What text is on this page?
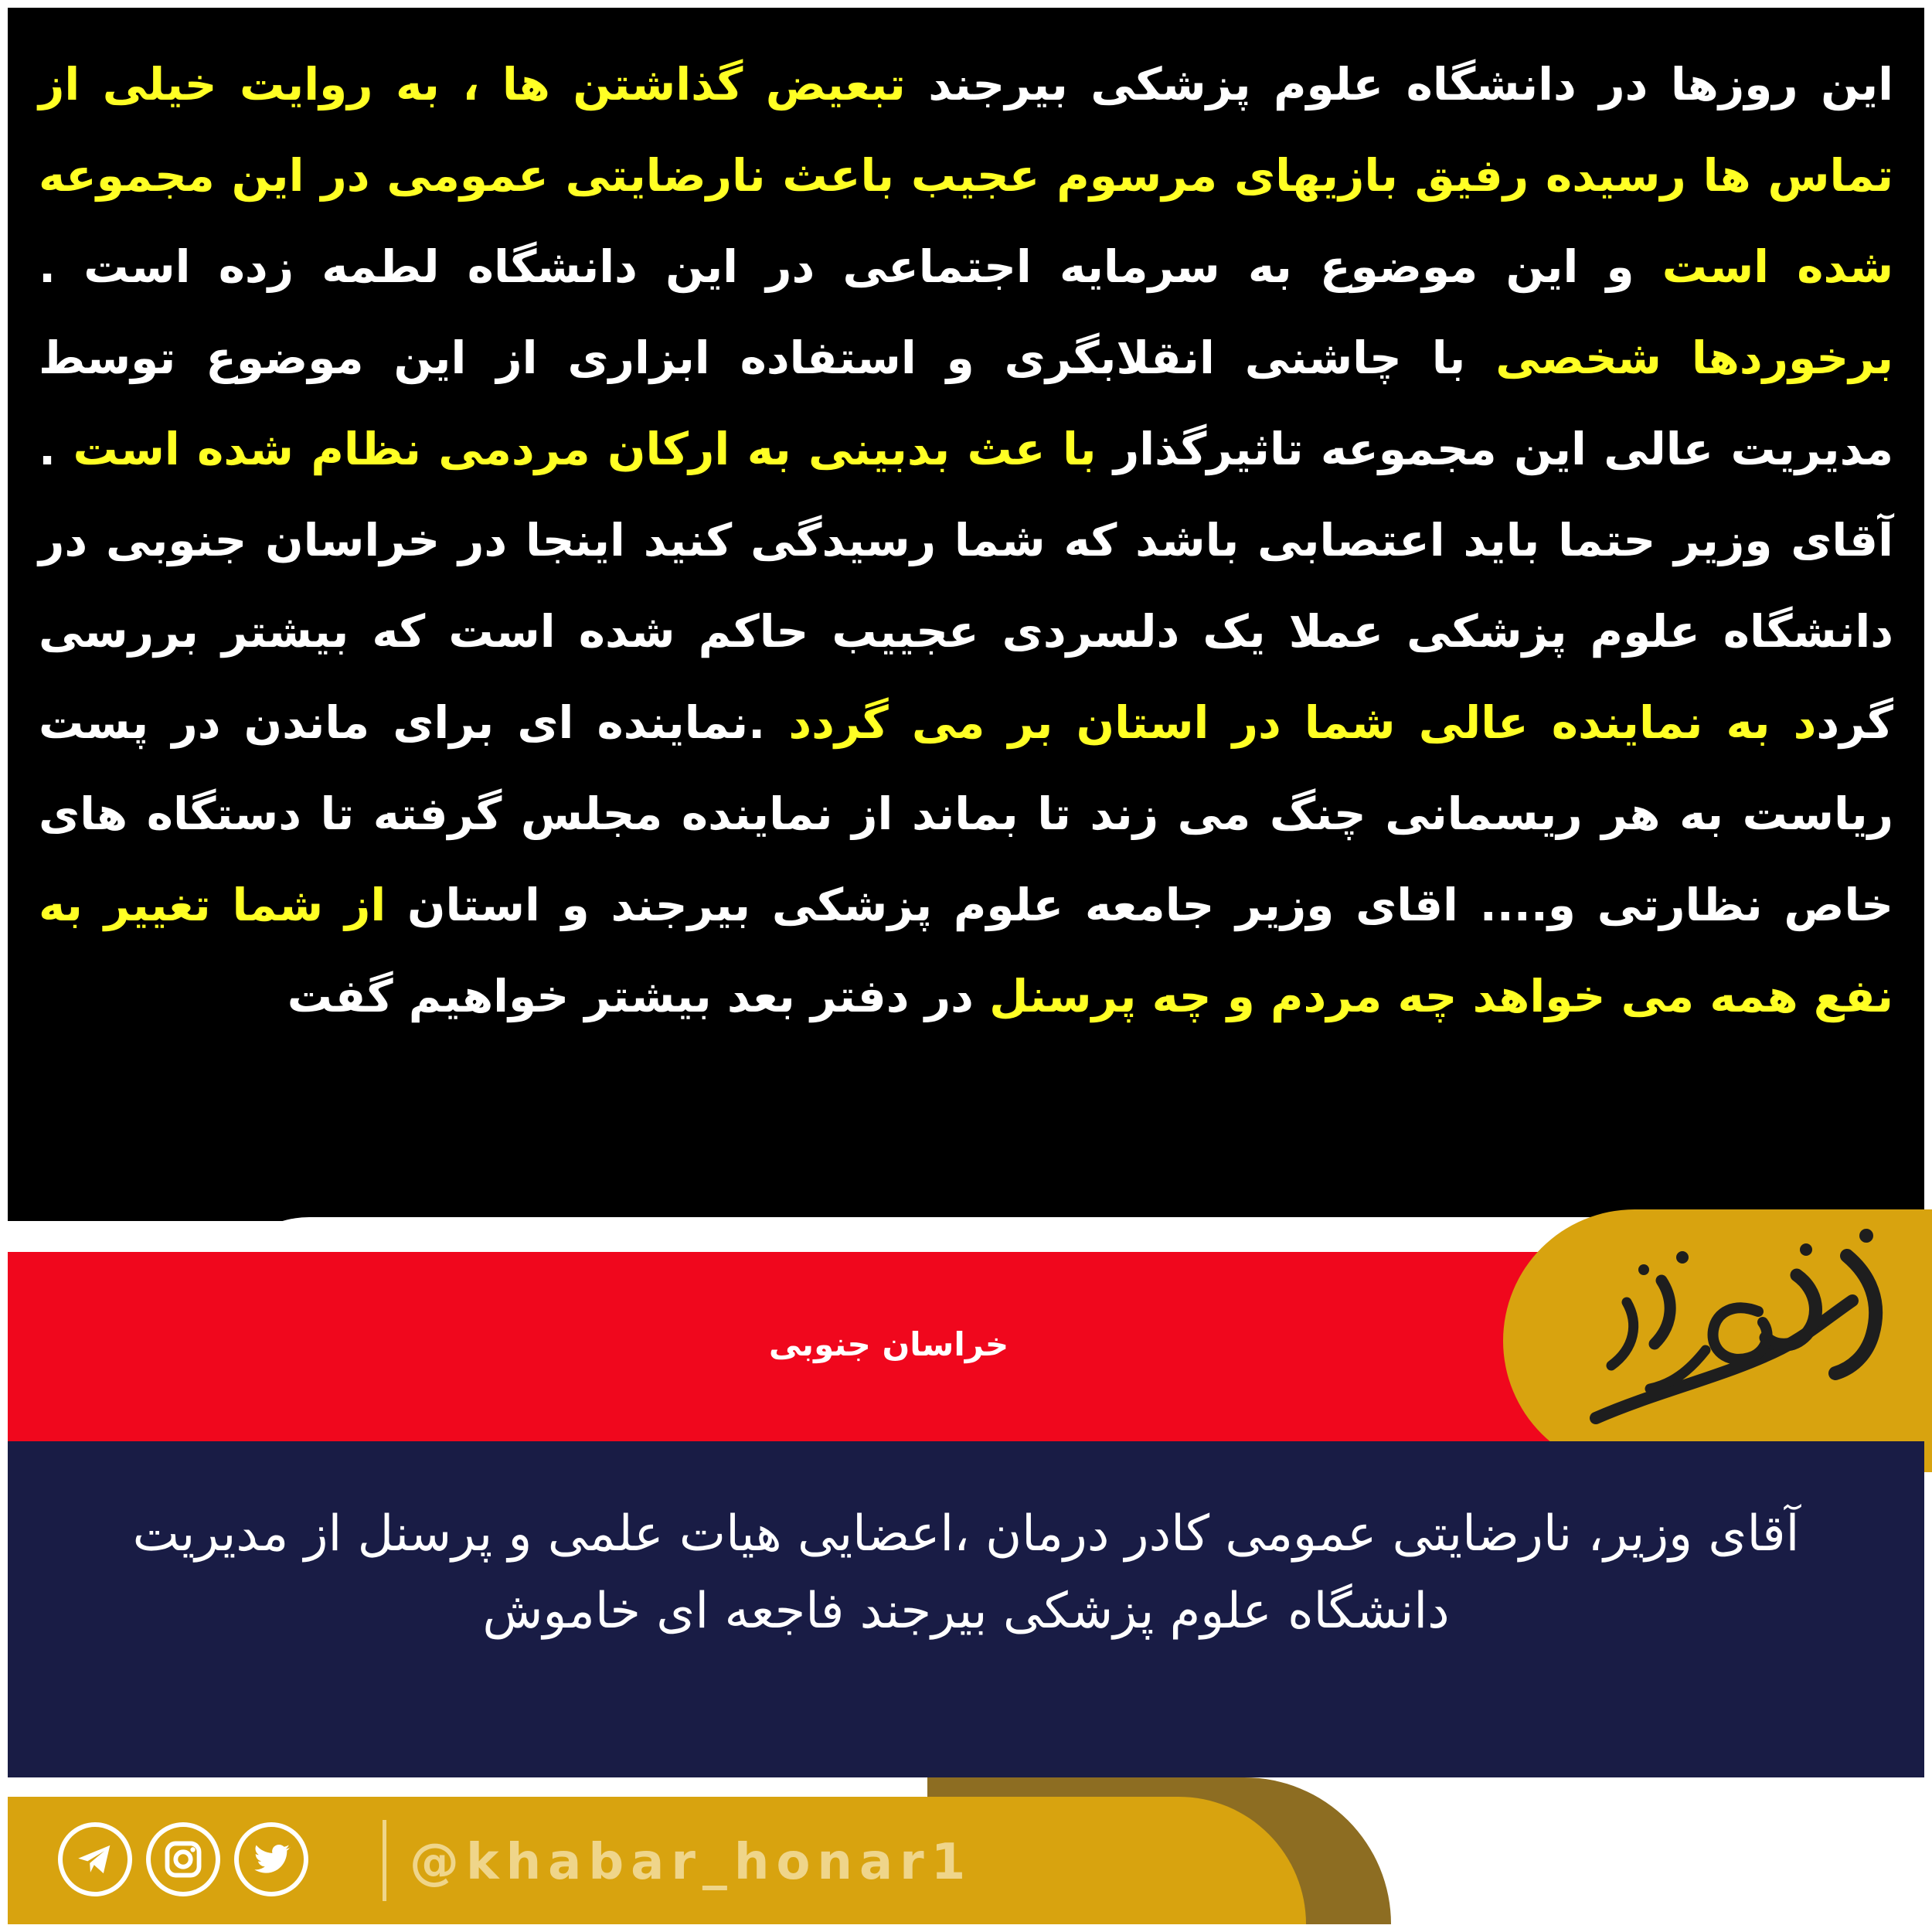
این روزها در دانشگاه علوم پزشکی بیرجند تبعیض گذاشتن ها ، به روایت خیلی از تماس ها رسیده رفیق بازیهای مرسوم عجیب باعث نارضایتی عمومی در این مجموعه شده است و این موضوع به سرمایه اجتماعی در این دانشگاه لطمه زده است . برخوردها شخصی با چاشنی انقلابگری و استفاده ابزاری از این موضوع توسط مدیریت عالی این مجموعه تاثیرگذار با عث بدبینی به ارکان مردمی نظام شده است . آقای وزیر حتما باید اعتصابی باشد که شما رسیدگی کنید اینجا در خراسان جنوبی در دانشگاه علوم پزشکی عملا یک دلسردی عجییب حاکم شده است که بیشتر بررسی گردد به نماینده عالی شما در استان بر می گردد .نماینده ای برای ماندن در پست ریاست به هر ریسمانی چنگ می زند تا بماند از نماینده مجلس گرفته تا دستگاه های خاص نظارتی و.... اقای وزیر جامعه علوم پزشکی بیرجند و استان از شما تغییر به نفع همه می خواهد چه مردم و چه پرسنل در دفتر بعد بیشتر خواهیم گفت
خراسان جنوبی
آقای وزیر، نارضایتی عمومی کادر درمان ،اعضایی هیات علمی و پرسنل از مدیریت دانشگاه علوم پزشکی بیرجند فاجعه ای خاموش
@khabar_honar1
